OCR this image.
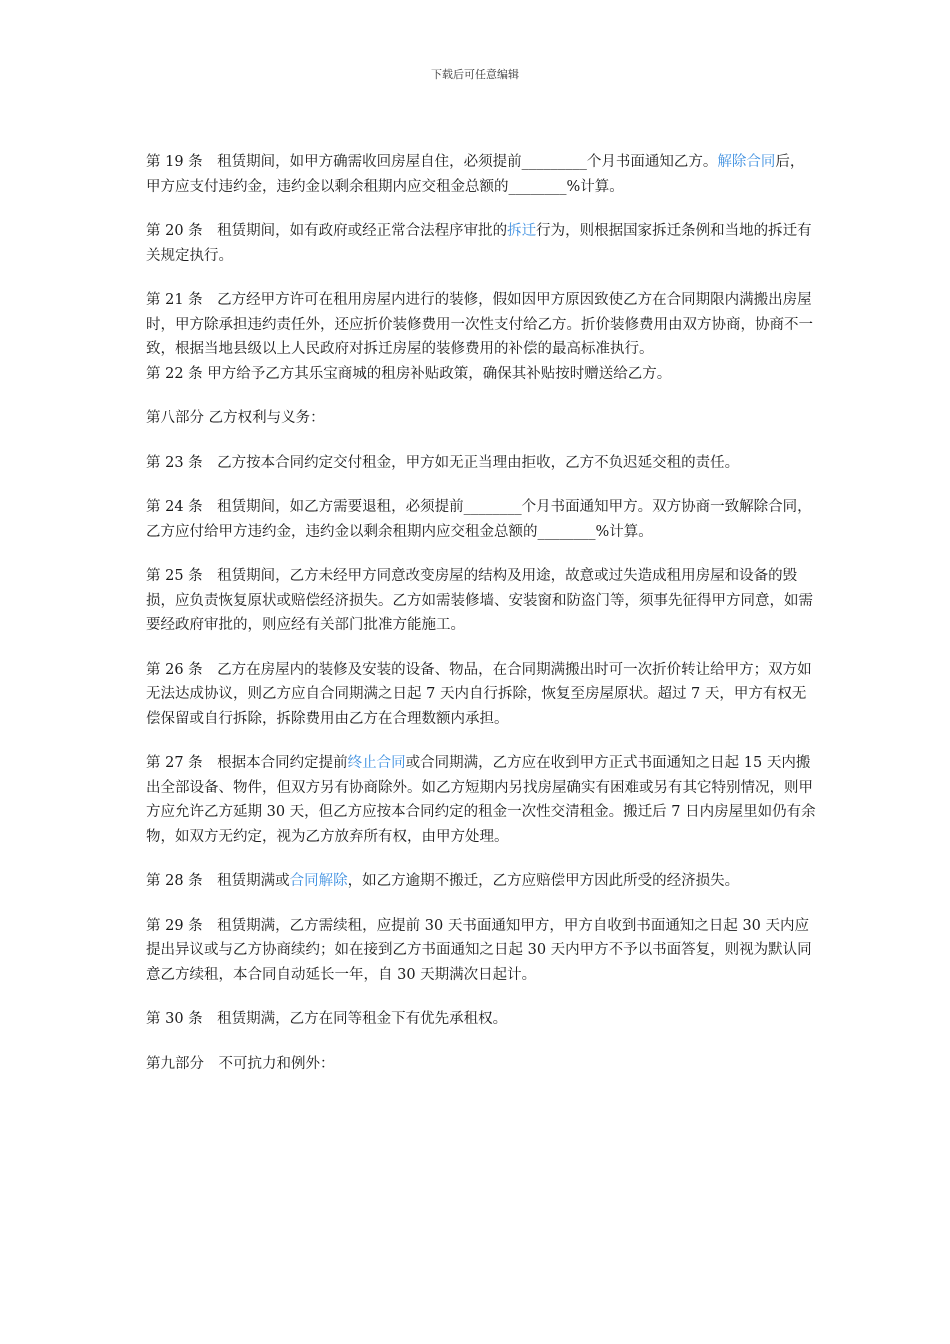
下载后可任意编辑

第 19 条　租赁期间，如甲方确需收回房屋自住，必须提前_________个月书面通知乙方。解除合同后，甲方应支付违约金，违约金以剩余租期内应交租金总额的________%计算。

第 20 条　租赁期间，如有政府或经正常合法程序审批的拆迁行为，则根据国家拆迁条例和当地的拆迁有关规定执行。

第 21 条　乙方经甲方许可在租用房屋内进行的装修，假如因甲方原因致使乙方在合同期限内满搬出房屋时，甲方除承担违约责任外，还应折价装修费用一次性支付给乙方。折价装修费用由双方协商，协商不一致，根据当地县级以上人民政府对拆迁房屋的装修费用的补偿的最高标准执行。

第 22 条 甲方给予乙方其乐宝商城的租房补贴政策，确保其补贴按时赠送给乙方。

第八部分 乙方权利与义务：

第 23 条　乙方按本合同约定交付租金，甲方如无正当理由拒收，乙方不负迟延交租的责任。

第 24 条　租赁期间，如乙方需要退租，必须提前________个月书面通知甲方。双方协商一致解除合同，乙方应付给甲方违约金，违约金以剩余租期内应交租金总额的________%计算。

第 25 条　租赁期间，乙方未经甲方同意改变房屋的结构及用途，故意或过失造成租用房屋和设备的毁损，应负责恢复原状或赔偿经济损失。乙方如需装修墙、安装窗和防盗门等，须事先征得甲方同意，如需要经政府审批的，则应经有关部门批准方能施工。

第 26 条　乙方在房屋内的装修及安装的设备、物品，在合同期满搬出时可一次折价转让给甲方；双方如无法达成协议，则乙方应自合同期满之日起 7 天内自行拆除，恢复至房屋原状。超过 7 天，甲方有权无偿保留或自行拆除，拆除费用由乙方在合理数额内承担。

第 27 条　根据本合同约定提前终止合同或合同期满，乙方应在收到甲方正式书面通知之日起 15 天内搬出全部设备、物件，但双方另有协商除外。如乙方短期内另找房屋确实有困难或另有其它特别情况，则甲方应允许乙方延期 30 天，但乙方应按本合同约定的租金一次性交清租金。搬迁后 7 日内房屋里如仍有余物，如双方无约定，视为乙方放弃所有权，由甲方处理。

第 28 条　租赁期满或合同解除，如乙方逾期不搬迁，乙方应赔偿甲方因此所受的经济损失。

第 29 条　租赁期满，乙方需续租，应提前 30 天书面通知甲方，甲方自收到书面通知之日起 30 天内应提出异议或与乙方协商续约；如在接到乙方书面通知之日起 30 天内甲方不予以书面答复，则视为默认同意乙方续租，本合同自动延长一年，自 30 天期满次日起计。

第 30 条　租赁期满，乙方在同等租金下有优先承租权。

第九部分　不可抗力和例外：
